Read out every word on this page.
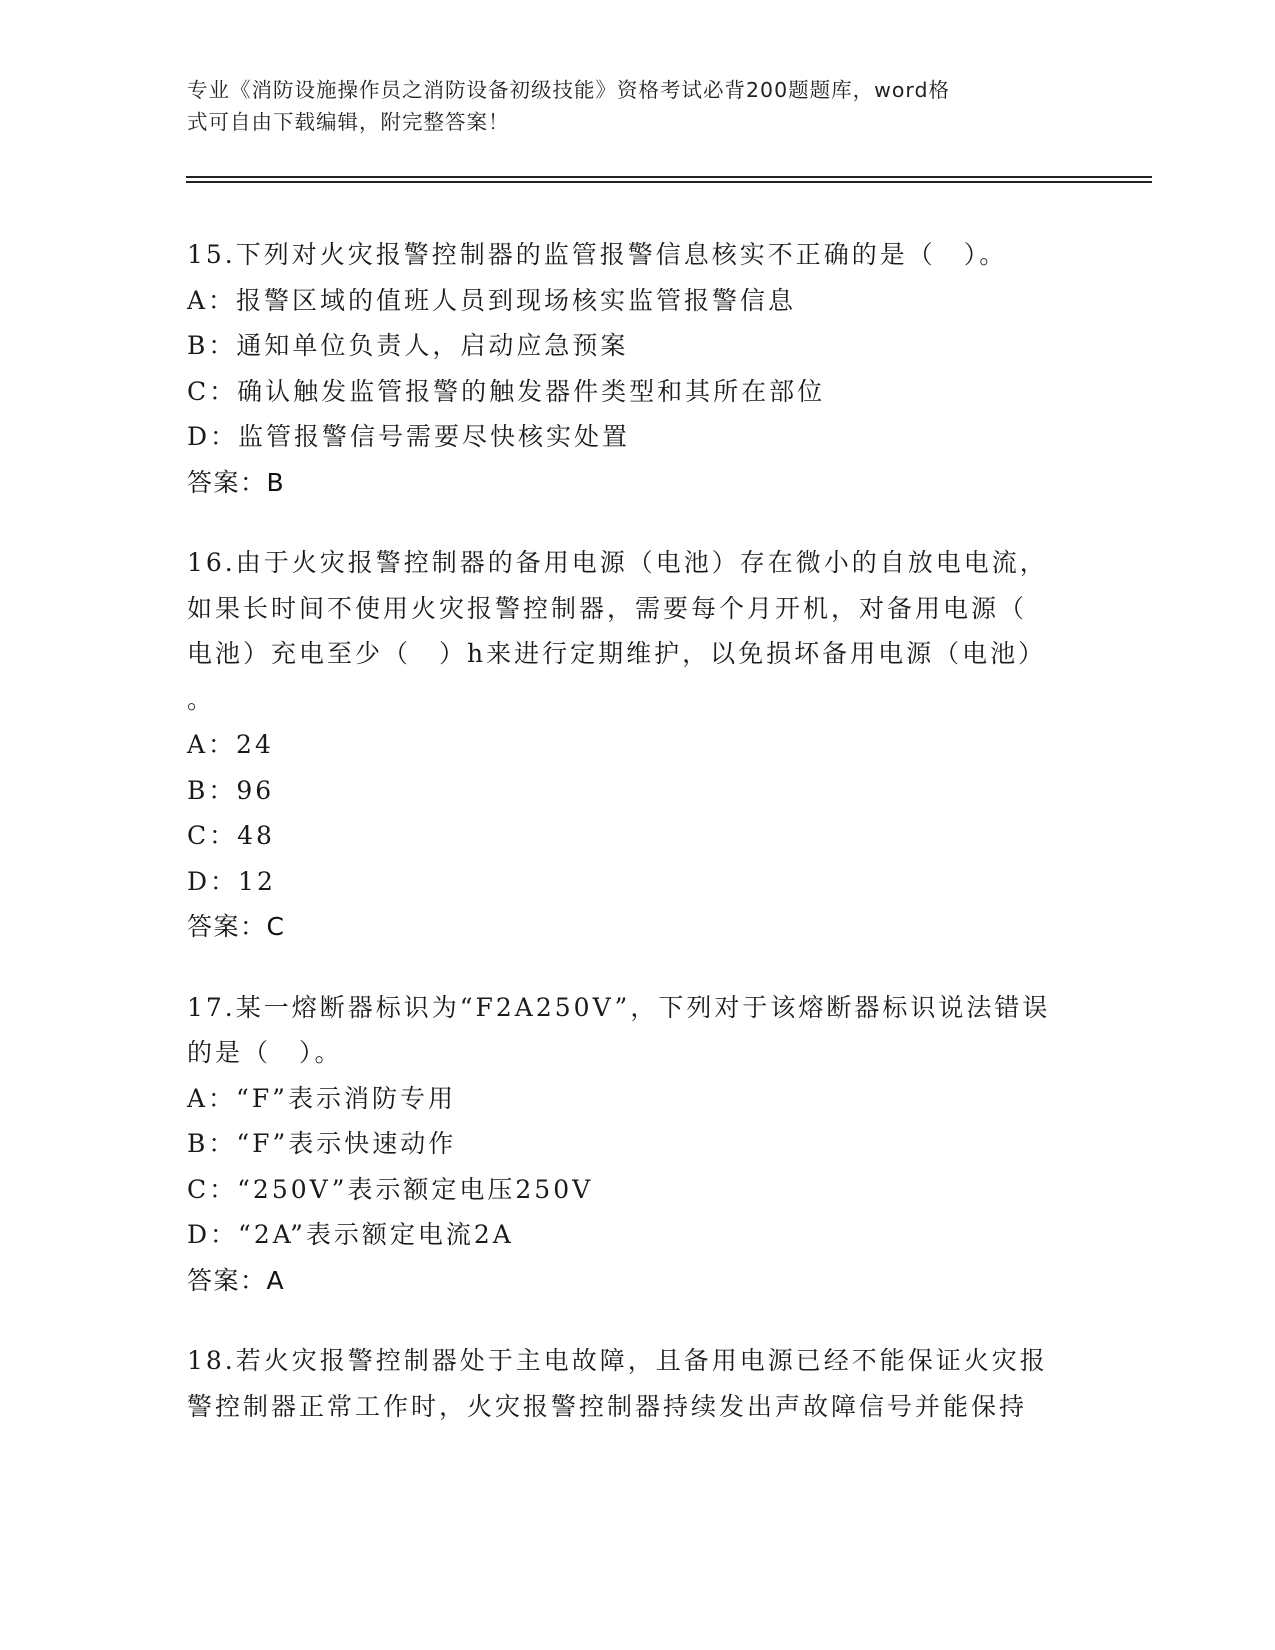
专业《消防设施操作员之消防设备初级技能》资格考试必背200题题库，word格
式可自由下载编辑，附完整答案！
15.下列对火灾报警控制器的监管报警信息核实不正确的是（　）。
A：报警区域的值班人员到现场核实监管报警信息
B：通知单位负责人，启动应急预案
C：确认触发监管报警的触发器件类型和其所在部位
D：监管报警信号需要尽快核实处置
答案：B
16.由于火灾报警控制器的备用电源（电池）存在微小的自放电电流，
如果长时间不使用火灾报警控制器，需要每个月开机，对备用电源（
电池）充电至少（　）h来进行定期维护，以免损坏备用电源（电池）
。
A：24
B：96
C：48
D：12
答案：C
17.某一熔断器标识为“F2A250V”，下列对于该熔断器标识说法错误
的是（　）。
A：“F”表示消防专用
B：“F”表示快速动作
C：“250V”表示额定电压250V
D：“2A”表示额定电流2A
答案：A
18.若火灾报警控制器处于主电故障，且备用电源已经不能保证火灾报
警控制器正常工作时，火灾报警控制器持续发出声故障信号并能保持
